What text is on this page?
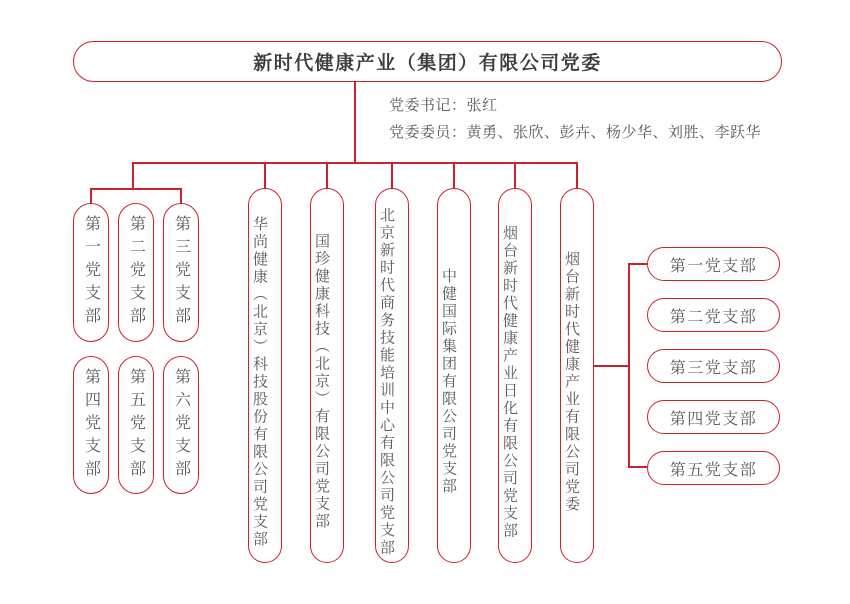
新时代健康产业（集团）有限公司党委
党委书记：张红
党委委员：黄勇、张欣、彭卉、杨少华、刘胜、李跃华
第一党支部 第二党支部 第三党支部
第四党支部 第五党支部 第六党支部	华尚健康（北京）科技股份有限公司党支部	国珍健康科技（北京）有限公司党支部	北京新时代商务技能培训中心有限公司党支部	中健国际集团有限公司党支部	烟台新时代健康产业日化有限公司党支部	烟台新时代健康产业有限公司党委	第一党支部
第二党支部
第三党支部
第四党支部
第五党支部
